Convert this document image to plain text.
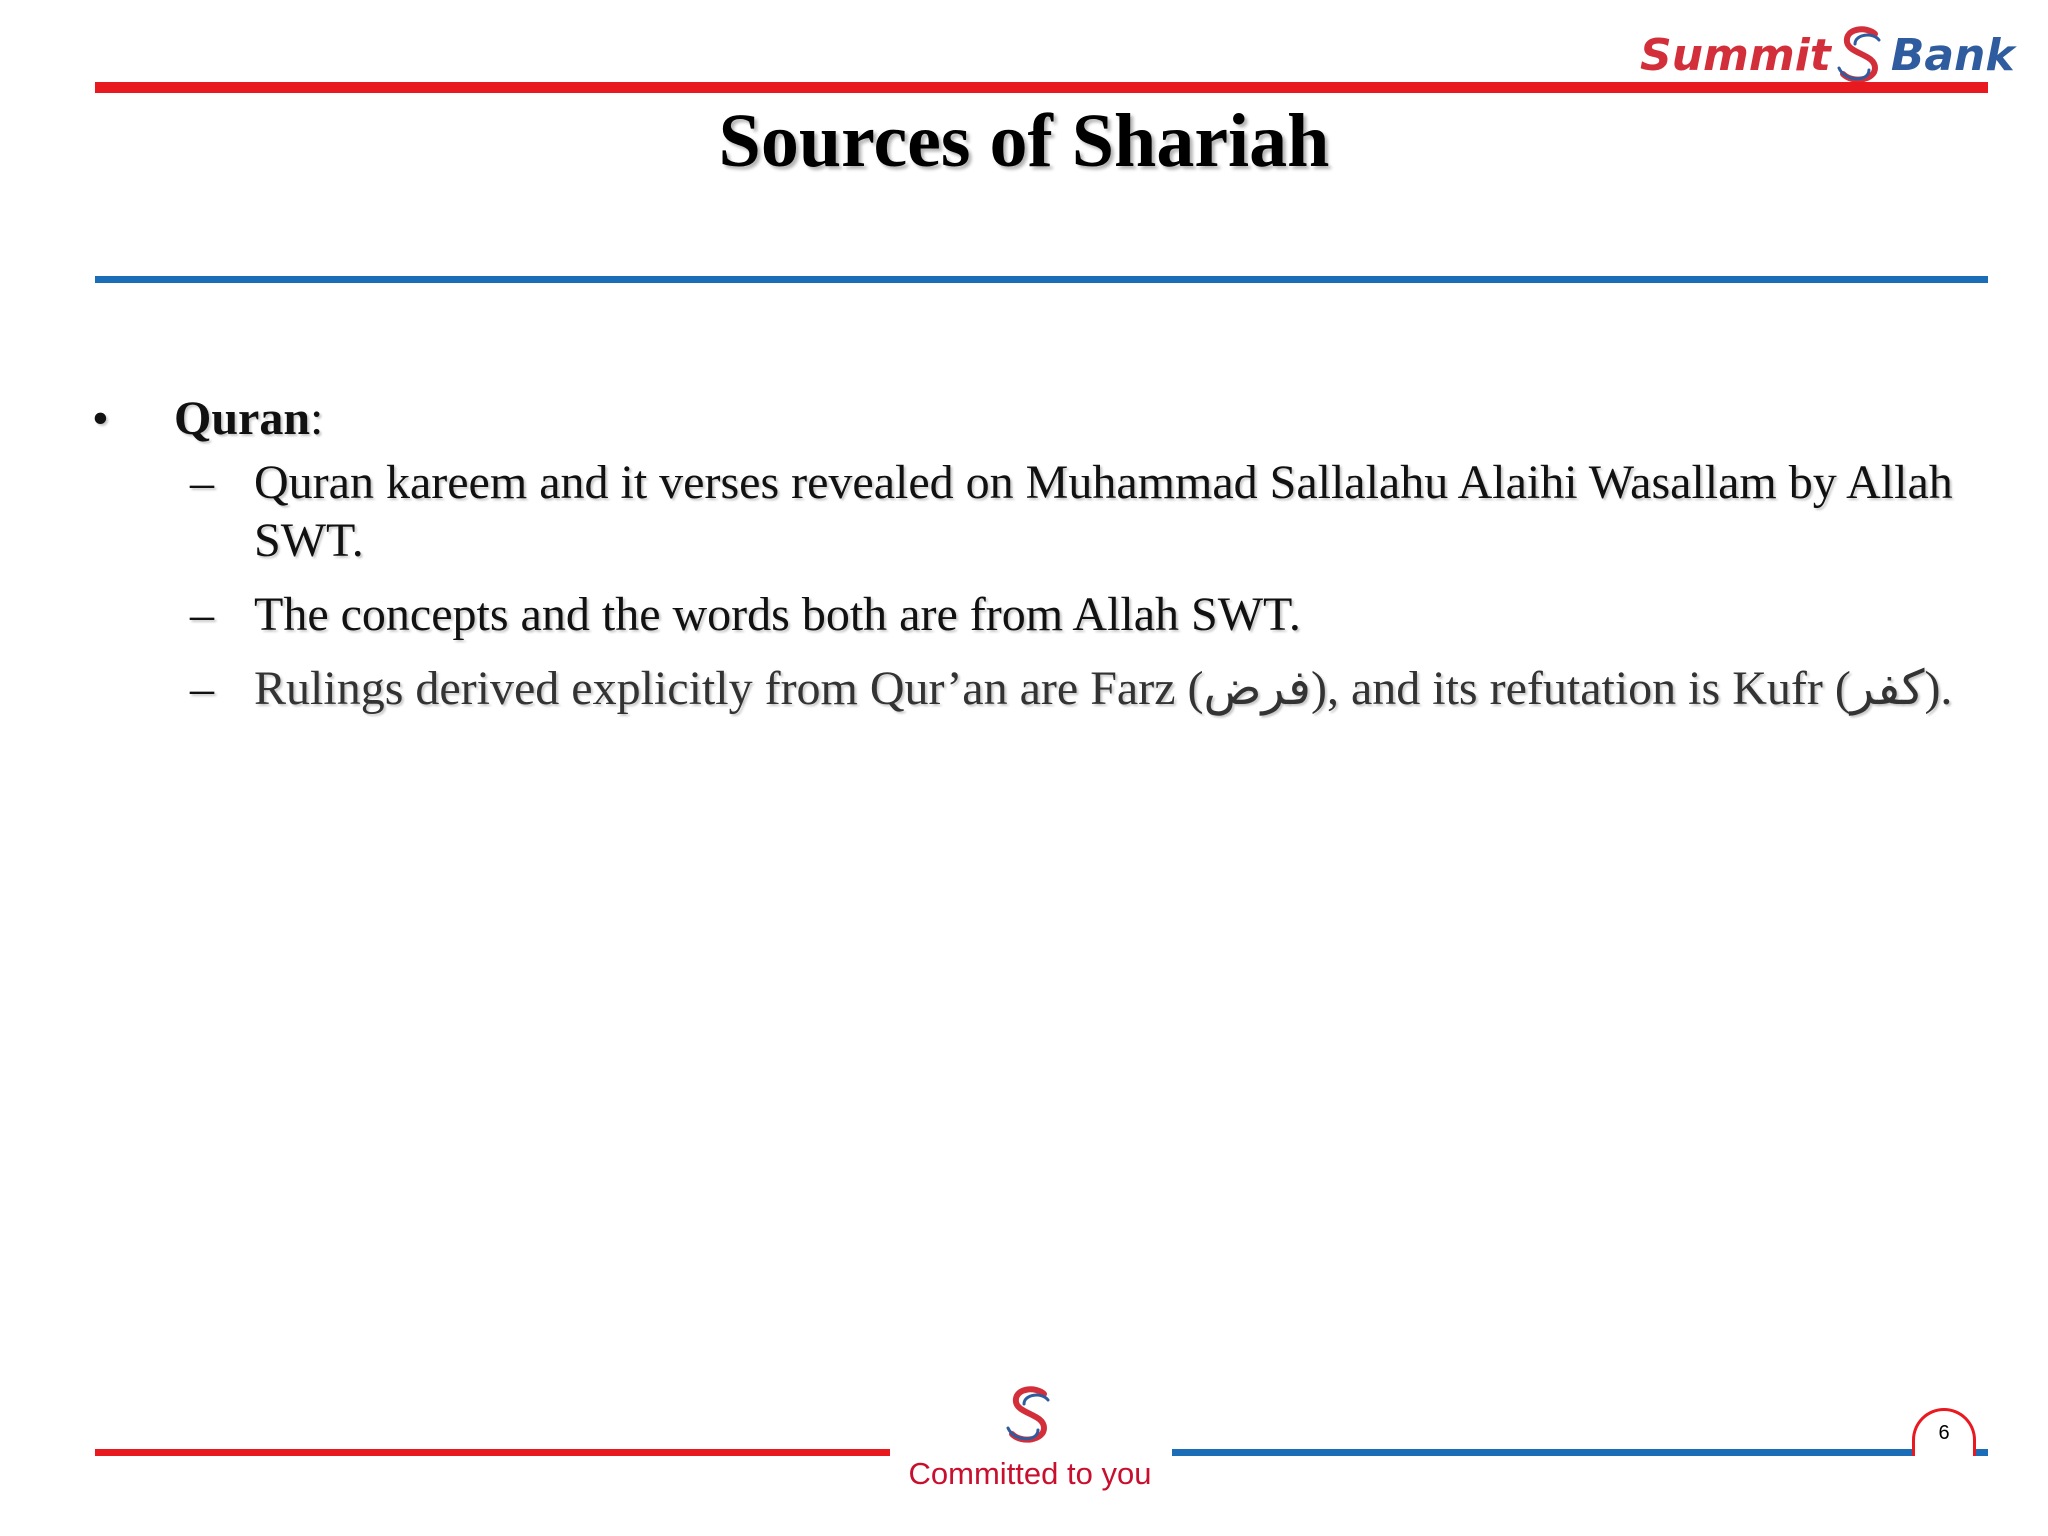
Summit Bank
Sources of Shariah
•	Quran:
– Quran kareem and it verses revealed on Muhammad Sallalahu Alaihi Wasallam by Allah SWT.
– The concepts and the words both are from Allah SWT.
– Rulings derived explicitly from Qur’an are Farz (فرض), and its refutation is Kufr (کفر).
Committed to you
6
